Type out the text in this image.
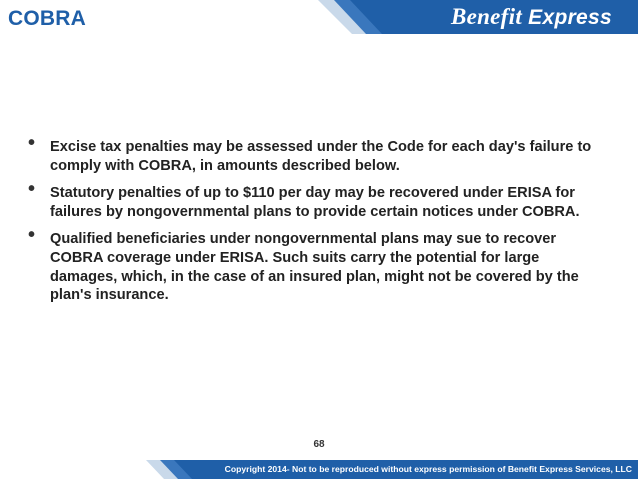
COBRA	Benefit Express
• Excise tax penalties may be assessed under the Code for each day's failure to comply with COBRA, in amounts described below.
• Statutory penalties of up to $110 per day may be recovered under ERISA for failures by nongovernmental plans to provide certain notices under COBRA.
• Qualified beneficiaries under nongovernmental plans may sue to recover COBRA coverage under ERISA. Such suits carry the potential for large damages, which, in the case of an insured plan, might not be covered by the plan's insurance.
68
Copyright 2014- Not to be reproduced without express permission of Benefit Express Services, LLC
